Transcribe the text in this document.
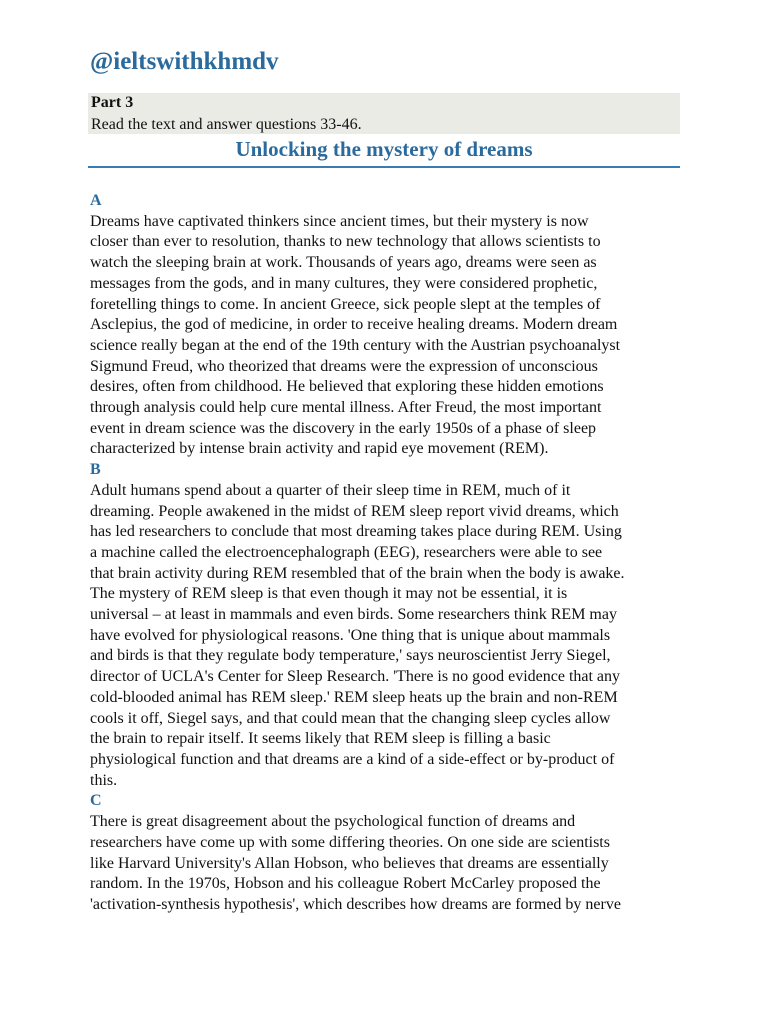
@ieltswithkhmdv
Part 3
Read the text and answer questions 33-46.
Unlocking the mystery of dreams
A
Dreams have captivated thinkers since ancient times, but their mystery is now
closer than ever to resolution, thanks to new technology that allows scientists to
watch the sleeping brain at work. Thousands of years ago, dreams were seen as
messages from the gods, and in many cultures, they were considered prophetic,
foretelling things to come. In ancient Greece, sick people slept at the temples of
Asclepius, the god of medicine, in order to receive healing dreams. Modern dream
science really began at the end of the 19th century with the Austrian psychoanalyst
Sigmund Freud, who theorized that dreams were the expression of unconscious
desires, often from childhood. He believed that exploring these hidden emotions
through analysis could help cure mental illness. After Freud, the most important
event in dream science was the discovery in the early 1950s of a phase of sleep
characterized by intense brain activity and rapid eye movement (REM).
B
Adult humans spend about a quarter of their sleep time in REM, much of it
dreaming. People awakened in the midst of REM sleep report vivid dreams, which
has led researchers to conclude that most dreaming takes place during REM. Using
a machine called the electroencephalograph (EEG), researchers were able to see
that brain activity during REM resembled that of the brain when the body is awake.
The mystery of REM sleep is that even though it may not be essential, it is
universal – at least in mammals and even birds. Some researchers think REM may
have evolved for physiological reasons. 'One thing that is unique about mammals
and birds is that they regulate body temperature,' says neuroscientist Jerry Siegel,
director of UCLA's Center for Sleep Research. 'There is no good evidence that any
cold-blooded animal has REM sleep.' REM sleep heats up the brain and non-REM
cools it off, Siegel says, and that could mean that the changing sleep cycles allow
the brain to repair itself. It seems likely that REM sleep is filling a basic
physiological function and that dreams are a kind of a side-effect or by-product of
this.
C
There is great disagreement about the psychological function of dreams and
researchers have come up with some differing theories. On one side are scientists
like Harvard University's Allan Hobson, who believes that dreams are essentially
random. In the 1970s, Hobson and his colleague Robert McCarley proposed the
'activation-synthesis hypothesis', which describes how dreams are formed by nerve
